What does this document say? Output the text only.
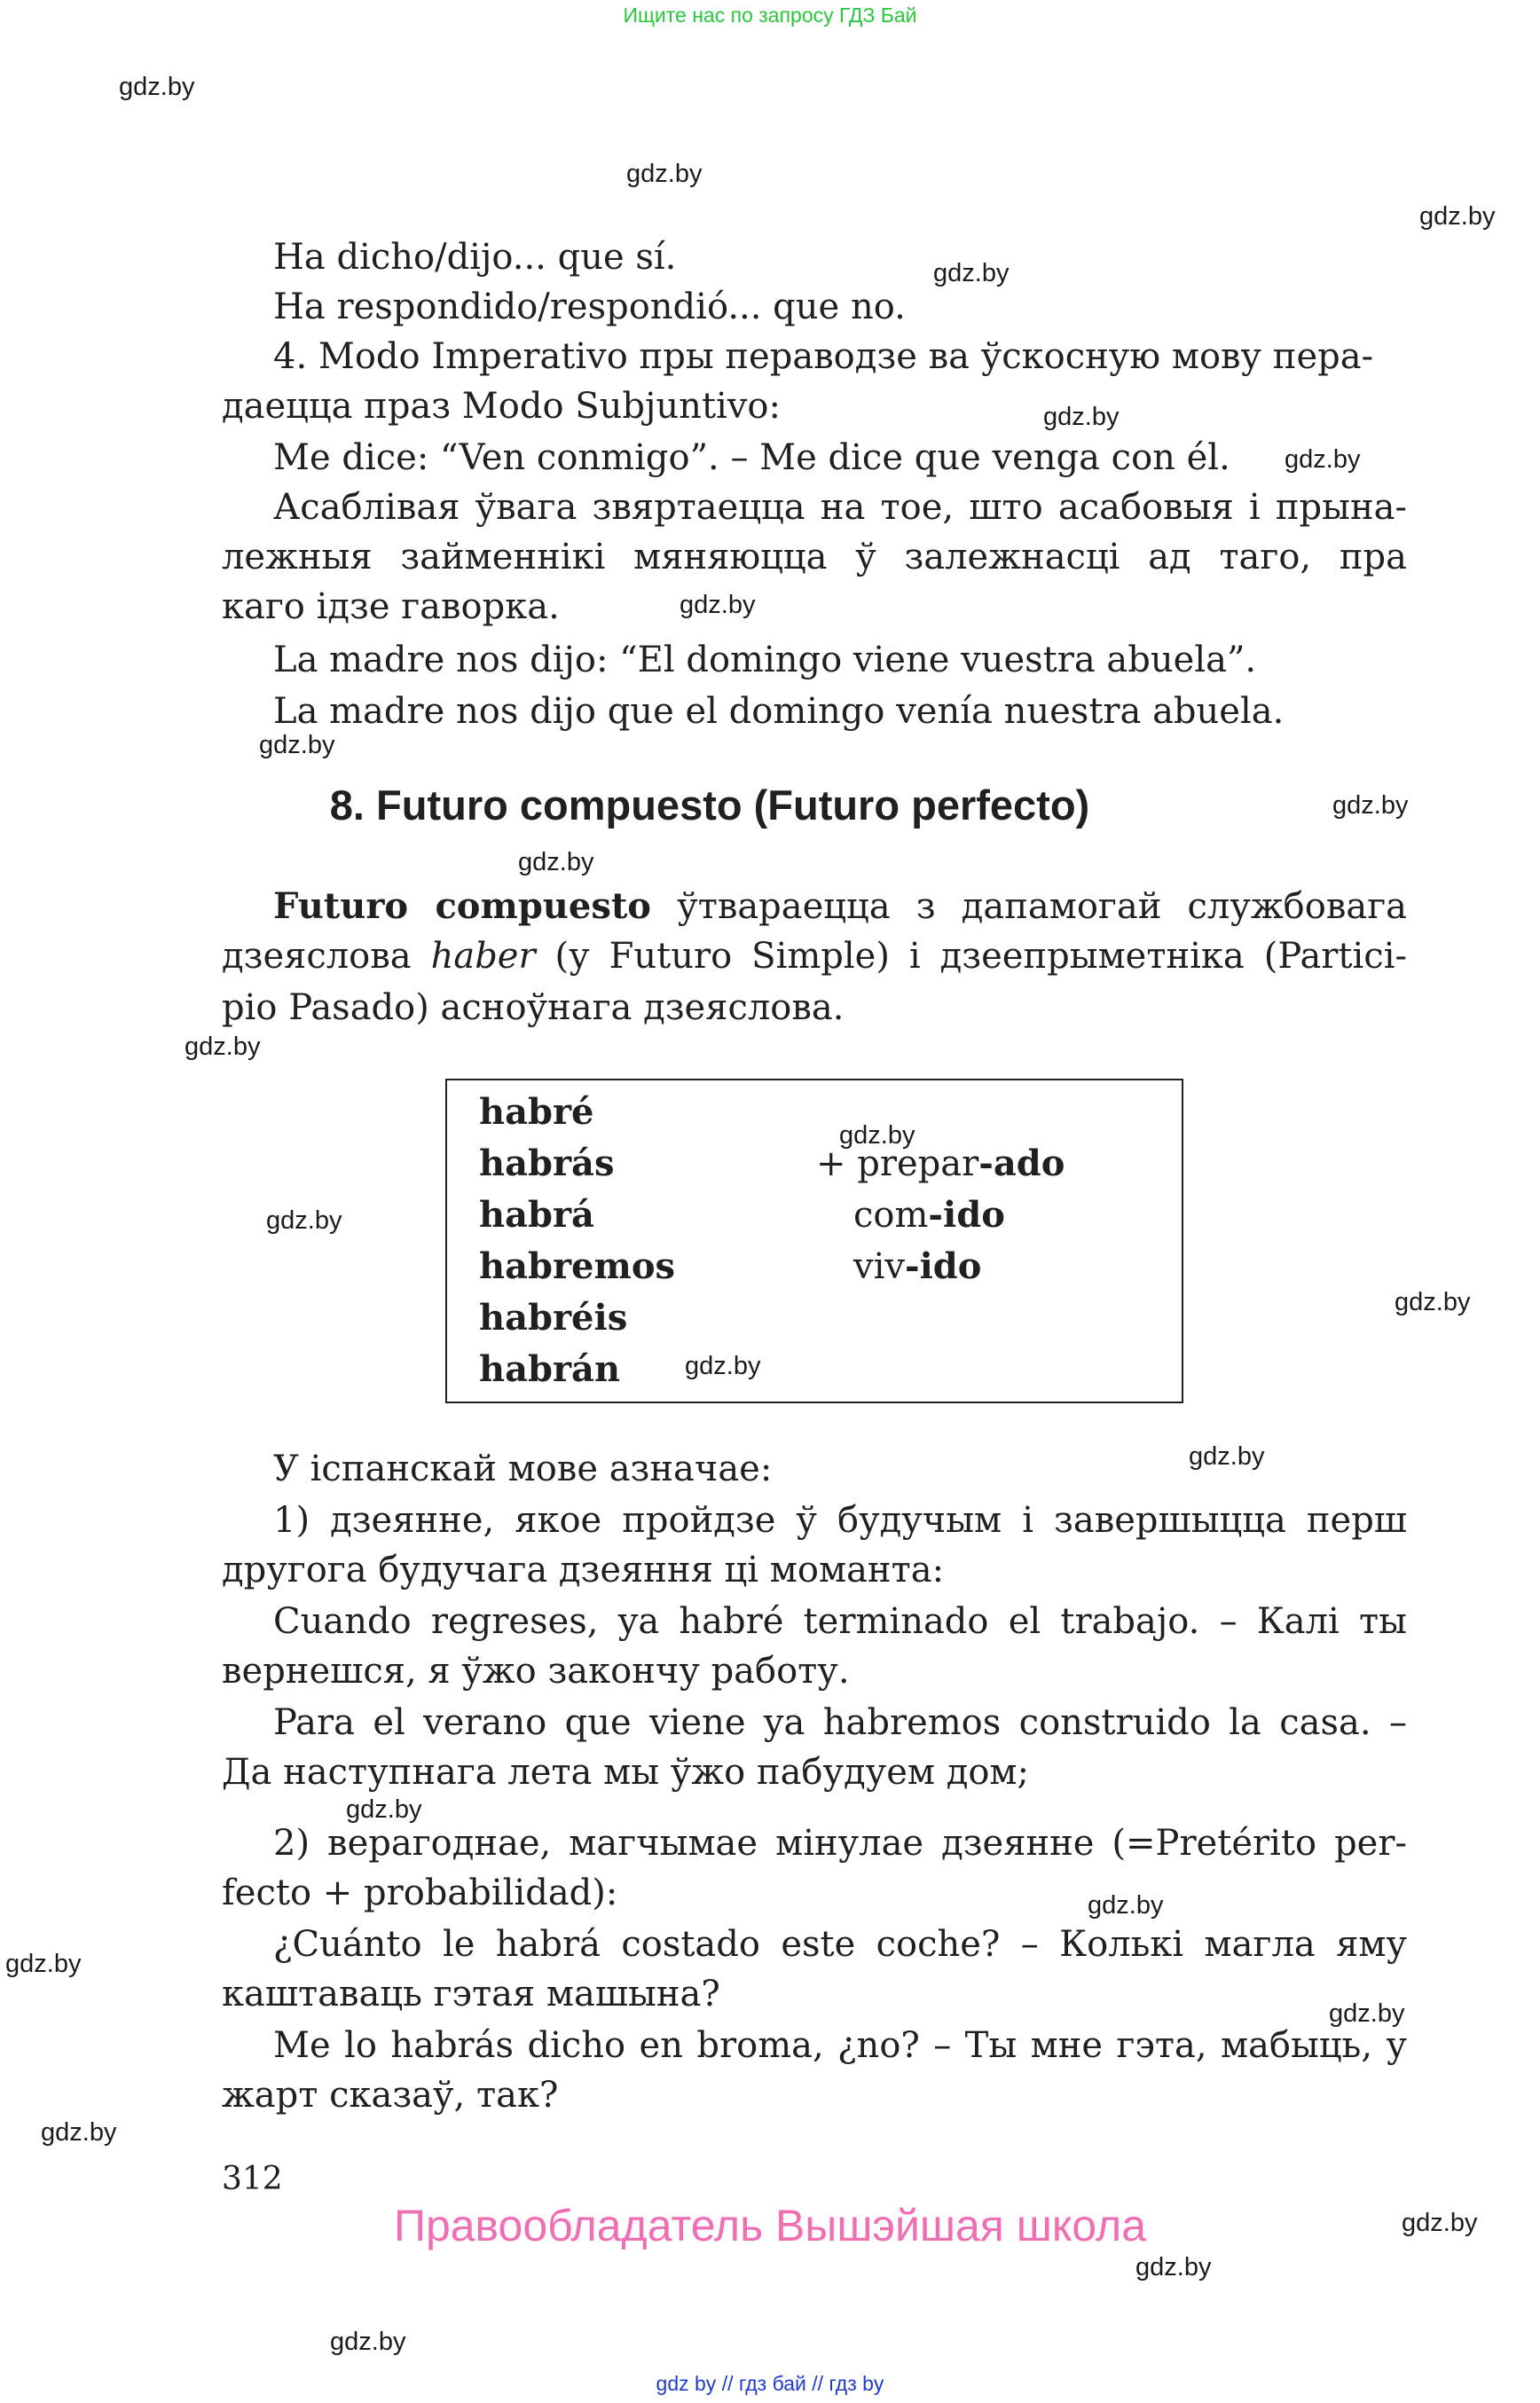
Ищите нас по запросу ГДЗ Бай
gdz.by
gdz.by
gdz.by
gdz.by
gdz.by
gdz.by
gdz.by
gdz.by
gdz.by
gdz.by
gdz.by
gdz.by
gdz.by
gdz.by
gdz.by
gdz.by
gdz.by
gdz.by
gdz.by
gdz.by
gdz.by
gdz.by
gdz.by
gdz.by
Ha dicho/dijo... que sí.
Ha respondido/respondió... que no.
4. Modo Imperativo пры пераводзе ва ўскосную мову пера-
даецца праз Modo Subjuntivo:
Me dice: “Ven conmigo”. – Me dice que venga con él.
Асаблівая ўвага звяртаецца на тое, што асабовыя і прына-
лежныя займеннікі мяняюцца ў залежнасці ад таго, пра
каго ідзе гаворка.
La madre nos dijo: “El domingo viene vuestra abuela”.
La madre nos dijo que el domingo venía nuestra abuela.
8. Futuro compuesto (Futuro perfecto)
Futuro compuesto ўтвараецца з дапамогай службовага
дзеяслова haber (у Futuro Simple) і дзеепрыметніка (Partici-
pio Pasado) асноўнага дзеяслова.
habré
habrás
habrá
habremos
habréis
habrán
+ prepar-ado
com-ido
viv-ido
У іспанскай мове азначае:
1) дзеянне, якое пройдзе ў будучым і завершыцца перш
другога будучага дзеяння ці моманта:
Cuando regreses, ya habré terminado el trabajo. – Калі ты
вернешся, я ўжо закончу работу.
Para el verano que viene ya habremos construido la casa. –
Да наступнага лета мы ўжо пабудуем дом;
2) верагоднае, магчымае мінулае дзеянне (=Pretérito per-
fecto + probabilidad):
¿Cuánto le habrá costado este coche? – Колькі магла яму
каштаваць гэтая машына?
Me lo habrás dicho en broma, ¿no? – Ты мне гэта, мабыць, у
жарт сказаў, так?
312
Правообладатель Вышэйшая школа
gdz by // гдз бай // гдз by
